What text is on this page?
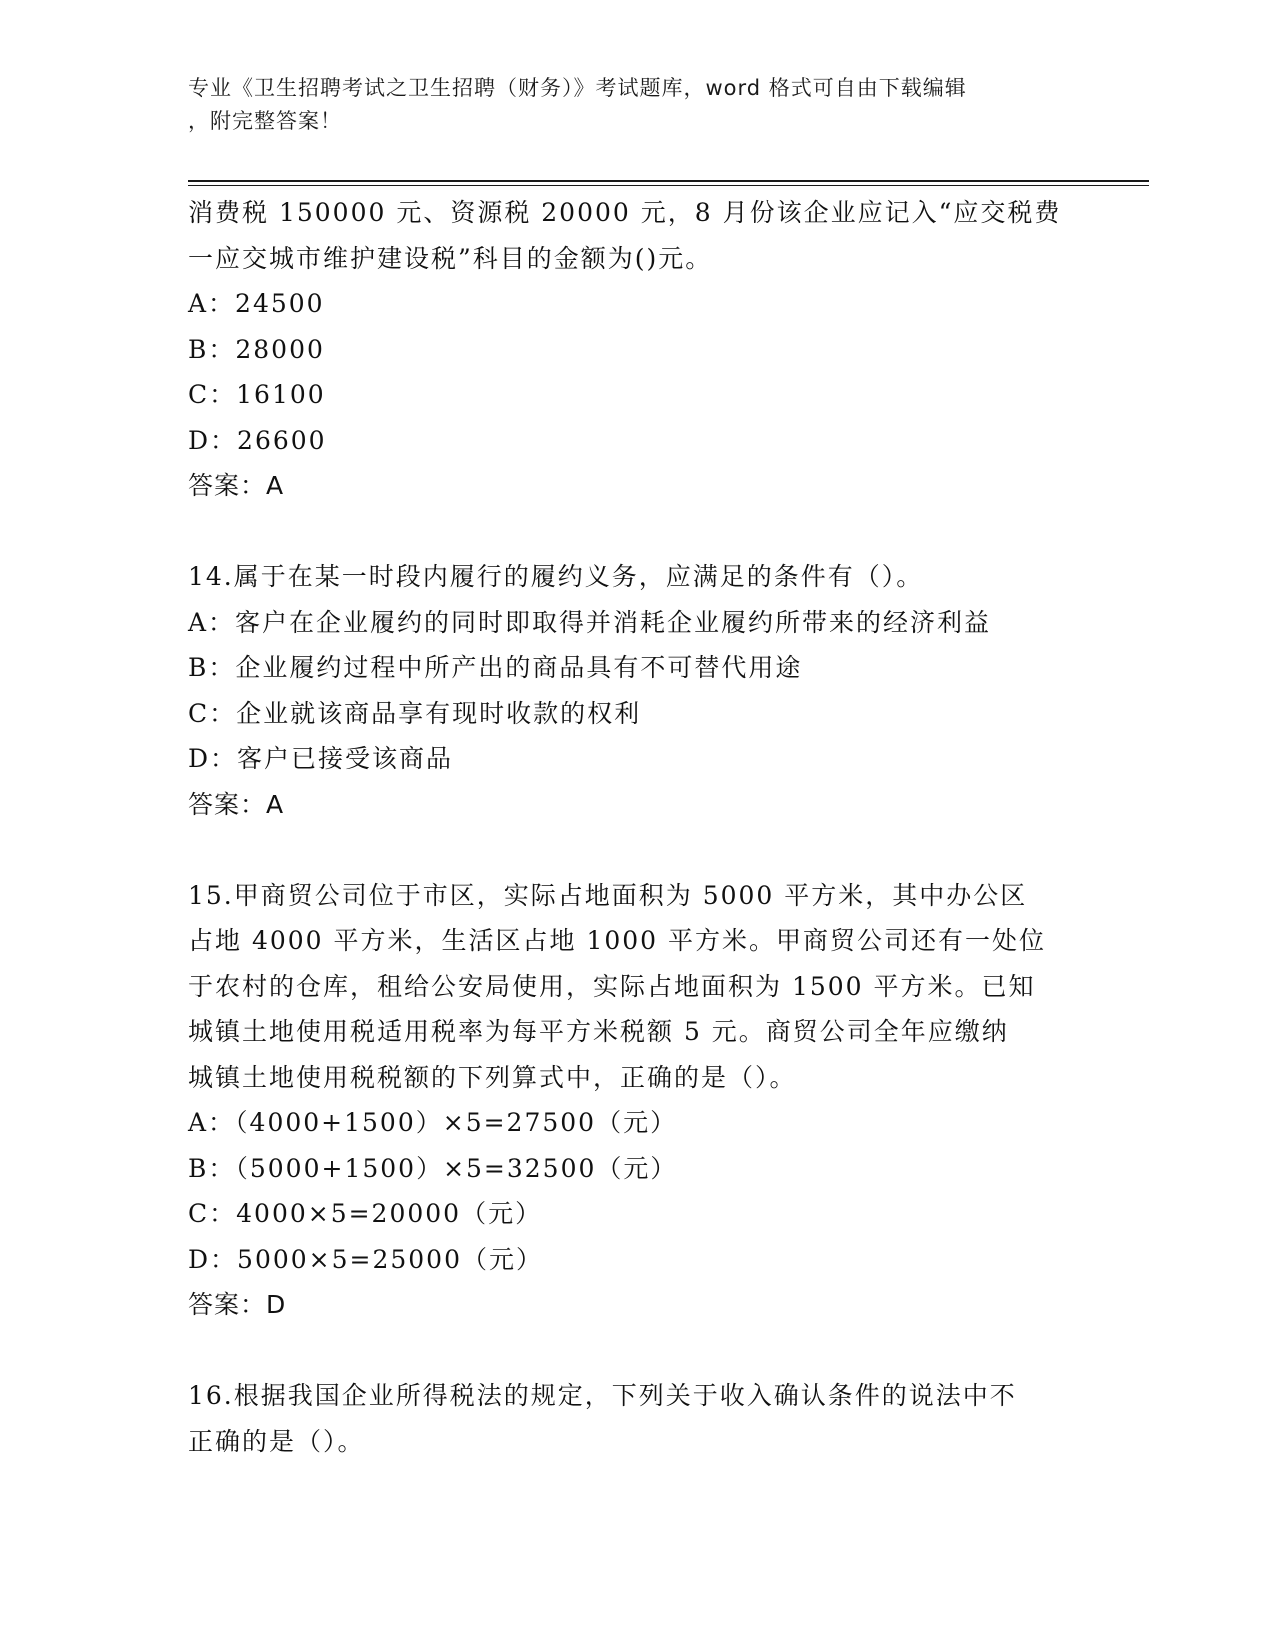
专业《卫生招聘考试之卫生招聘（财务）》考试题库，word 格式可自由下载编辑
，附完整答案！
消费税 150000 元、资源税 20000 元，8 月份该企业应记入“应交税费
一应交城市维护建设税”科目的金额为()元。
A：24500
B：28000
C：16100
D：26600
答案：A
14.属于在某一时段内履行的履约义务，应满足的条件有（）。
A：客户在企业履约的同时即取得并消耗企业履约所带来的经济利益
B：企业履约过程中所产出的商品具有不可替代用途
C：企业就该商品享有现时收款的权利
D：客户已接受该商品
答案：A
15.甲商贸公司位于市区，实际占地面积为 5000 平方米，其中办公区
占地 4000 平方米，生活区占地 1000 平方米。甲商贸公司还有一处位
于农村的仓库，租给公安局使用，实际占地面积为 1500 平方米。已知
城镇土地使用税适用税率为每平方米税额 5 元。商贸公司全年应缴纳
城镇土地使用税税额的下列算式中，正确的是（）。
A：（4000+1500）×5=27500（元）
B：（5000+1500）×5=32500（元）
C：4000×5=20000（元）
D：5000×5=25000（元）
答案：D
16.根据我国企业所得税法的规定，下列关于收入确认条件的说法中不
正确的是（）。
